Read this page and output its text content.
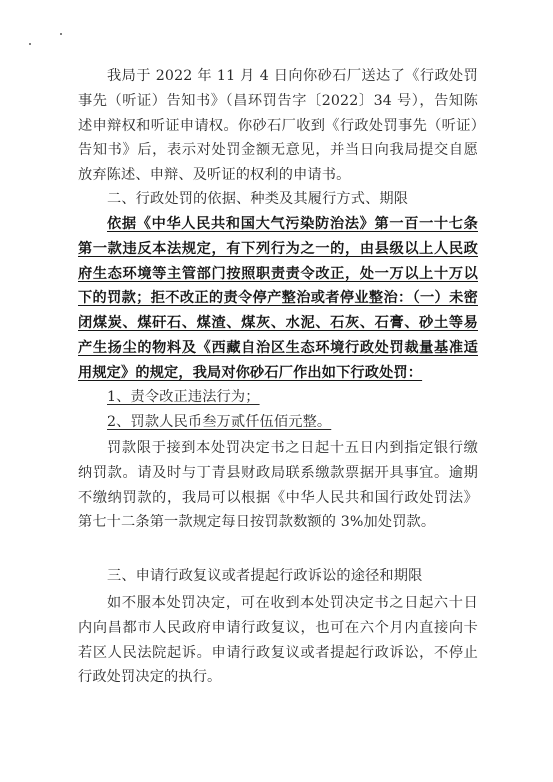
我局于 2022 年 11 月 4 日向你砂石厂送达了《行政处罚事先（听证）告知书》（昌环罚告字〔2022〕34 号），告知陈述申辩权和听证申请权。你砂石厂收到《行政处罚事先（听证）告知书》后，表示对处罚金额无意见，并当日向我局提交自愿放弃陈述、申辩、及听证的权利的申请书。

二、行政处罚的依据、种类及其履行方式、期限

依据《中华人民共和国大气污染防治法》第一百一十七条第一款违反本法规定，有下列行为之一的，由县级以上人民政府生态环境等主管部门按照职责责令改正，处一万以上十万以下的罚款；拒不改正的责令停产整治或者停业整治：（一）未密闭煤炭、煤矸石、煤渣、煤灰、水泥、石灰、石膏、砂土等易产生扬尘的物料及《西藏自治区生态环境行政处罚裁量基准适用规定》的规定，我局对你砂石厂作出如下行政处罚：

1、责令改正违法行为；

2、罚款人民币叁万贰仟伍佰元整。

罚款限于接到本处罚决定书之日起十五日内到指定银行缴纳罚款。请及时与丁青县财政局联系缴款票据开具事宜。逾期不缴纳罚款的，我局可以根据《中华人民共和国行政处罚法》第七十二条第一款规定每日按罚款数额的 3%加处罚款。

三、申请行政复议或者提起行政诉讼的途径和期限

如不服本处罚决定，可在收到本处罚决定书之日起六十日内向昌都市人民政府申请行政复议，也可在六个月内直接向卡若区人民法院起诉。申请行政复议或者提起行政诉讼，不停止行政处罚决定的执行。
